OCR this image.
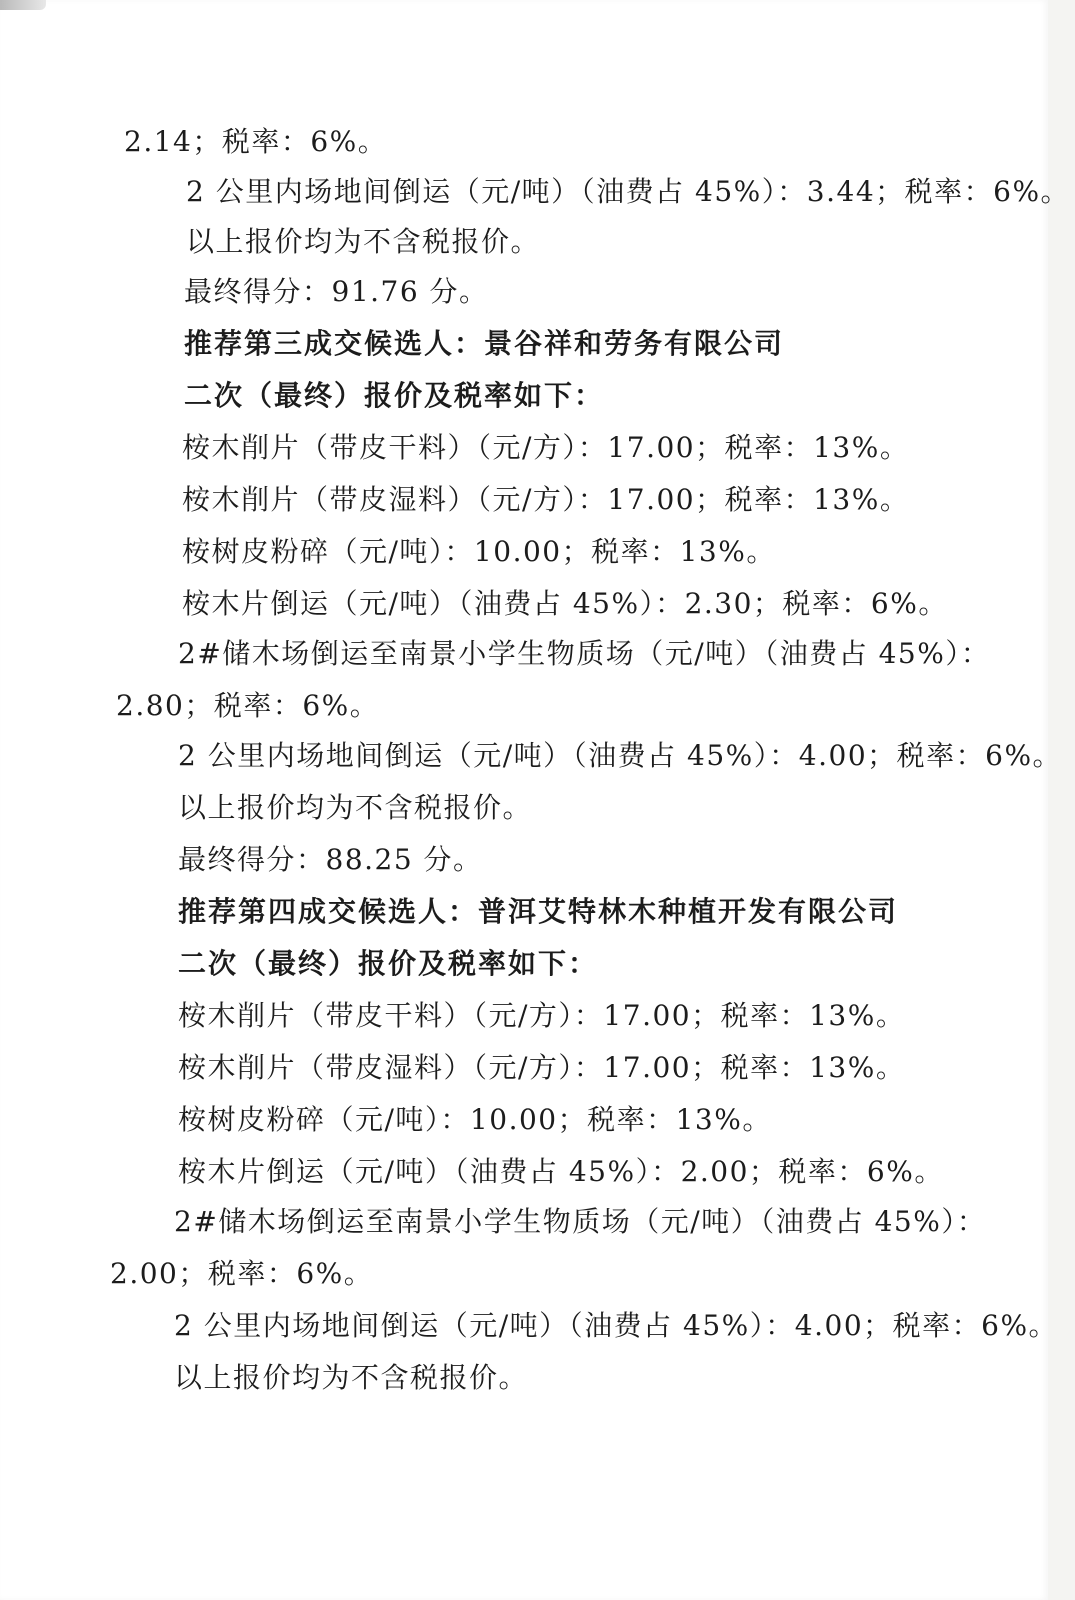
2.14；税率：6%。
2 公里内场地间倒运（元/吨）（油费占 45%）：3.44；税率：6%。
以上报价均为不含税报价。
最终得分：91.76 分。
推荐第三成交候选人：景谷祥和劳务有限公司
二次（最终）报价及税率如下：
桉木削片（带皮干料）（元/方）：17.00；税率：13%。
桉木削片（带皮湿料）（元/方）：17.00；税率：13%。
桉树皮粉碎（元/吨）：10.00；税率：13%。
桉木片倒运（元/吨）（油费占 45%）：2.30；税率：6%。
2#储木场倒运至南景小学生物质场（元/吨）（油费占 45%）：
2.80；税率：6%。
2 公里内场地间倒运（元/吨）（油费占 45%）：4.00；税率：6%。
以上报价均为不含税报价。
最终得分：88.25 分。
推荐第四成交候选人：普洱艾特林木种植开发有限公司
二次（最终）报价及税率如下：
桉木削片（带皮干料）（元/方）：17.00；税率：13%。
桉木削片（带皮湿料）（元/方）：17.00；税率：13%。
桉树皮粉碎（元/吨）：10.00；税率：13%。
桉木片倒运（元/吨）（油费占 45%）：2.00；税率：6%。
2#储木场倒运至南景小学生物质场（元/吨）（油费占 45%）：
2.00；税率：6%。
2 公里内场地间倒运（元/吨）（油费占 45%）：4.00；税率：6%。
以上报价均为不含税报价。
